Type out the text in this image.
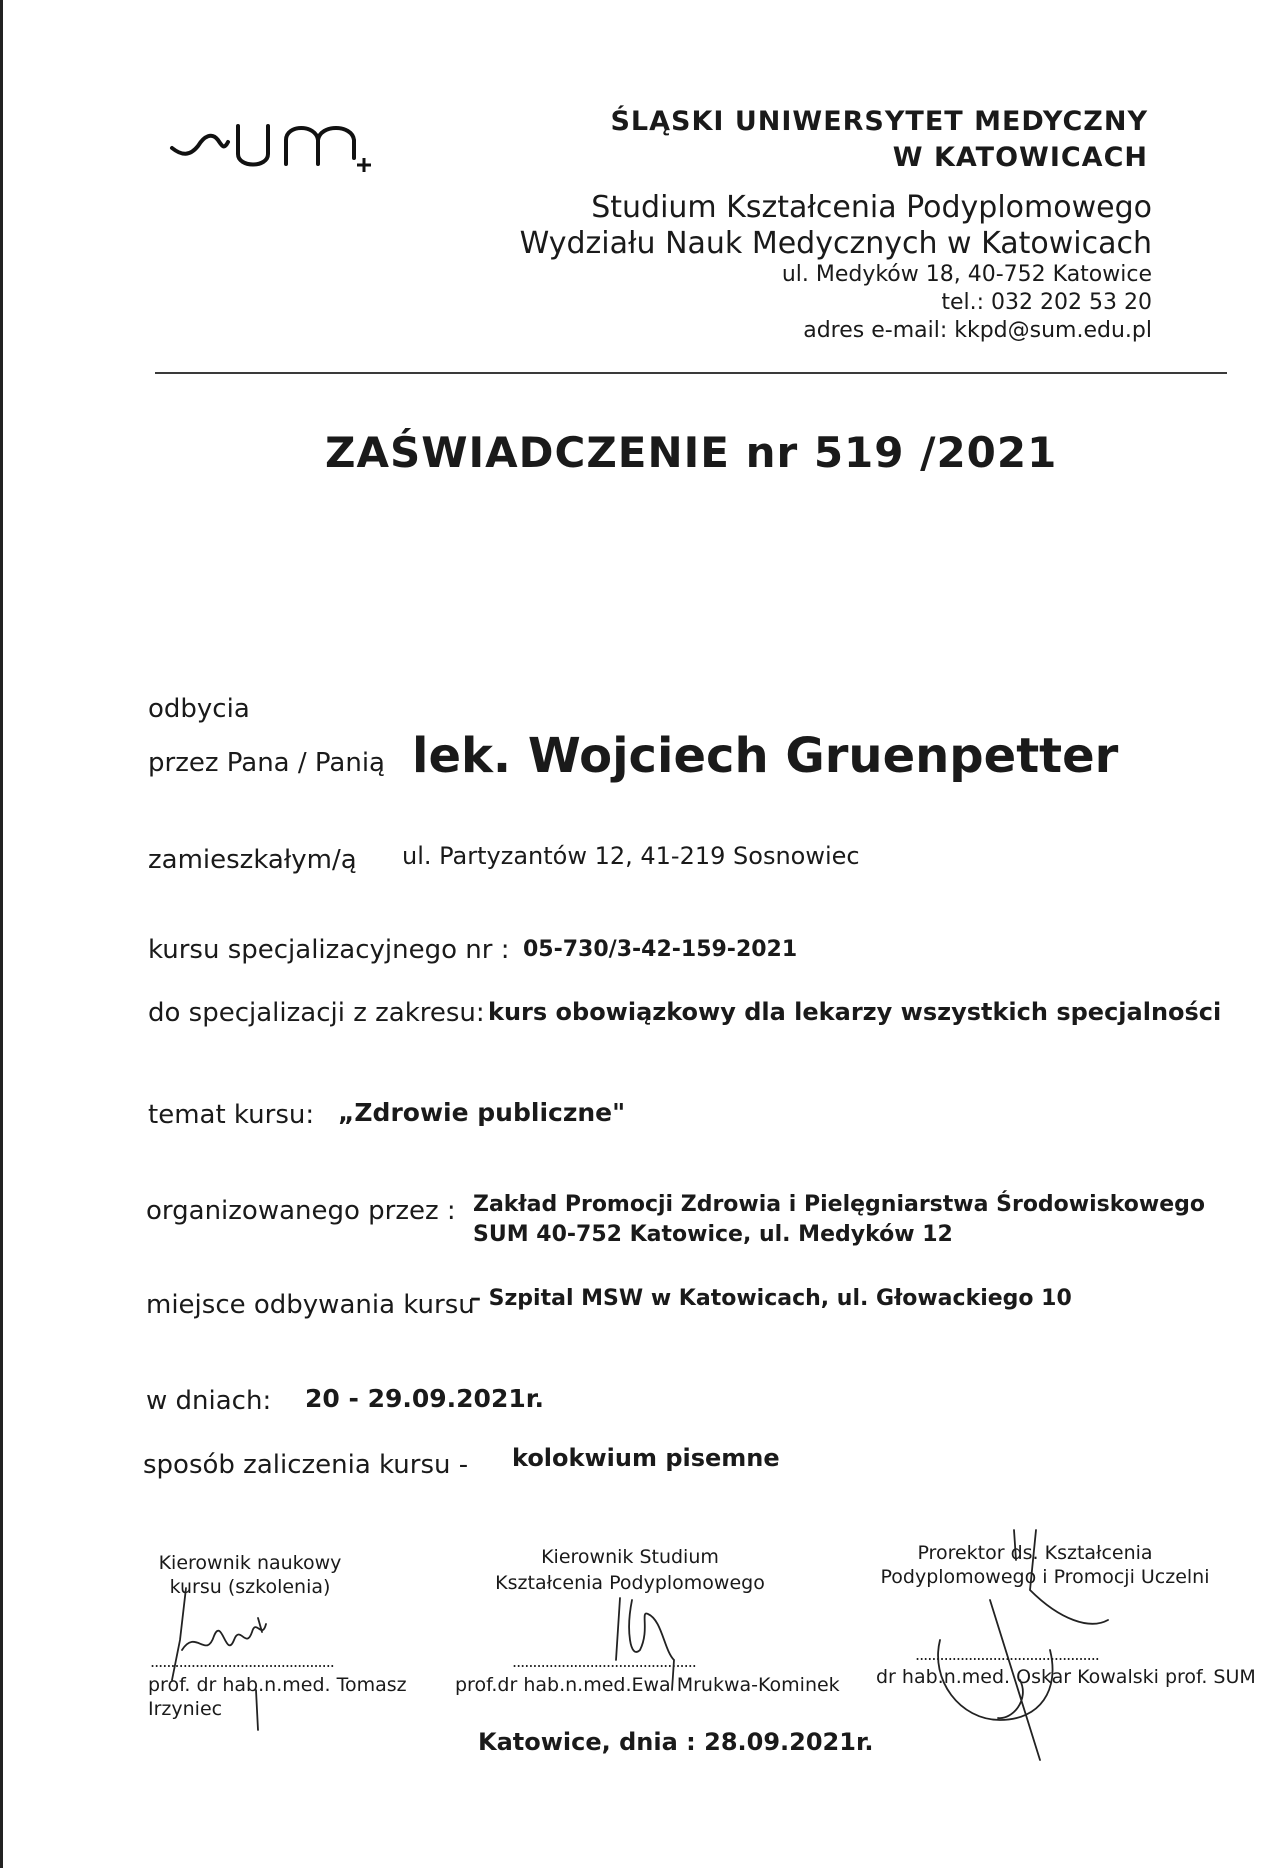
ŚLĄSKI UNIWERSYTET MEDYCZNY
W KATOWICACH
Studium Kształcenia Podyplomowego
Wydziału Nauk Medycznych w Katowicach
ul. Medyków 18, 40-752 Katowice
tel.: 032 202 53 20
adres e-mail: kkpd@sum.edu.pl
ZAŚWIADCZENIE nr 519 /2021
odbycia
przez Pana / Panią lek. Wojciech Gruenpetter
zamieszkałym/ą ul. Partyzantów 12, 41-219 Sosnowiec
kursu specjalizacyjnego nr : 05-730/3-42-159-2021
do specjalizacji z zakresu: kurs obowiązkowy dla lekarzy wszystkich specjalności
temat kursu: „Zdrowie publiczne"
organizowanego przez : Zakład Promocji Zdrowia i Pielęgniarstwa Środowiskowego
SUM 40-752 Katowice, ul. Medyków 12
miejsce odbywania kursu
– Szpital MSW w Katowicach, ul. Głowackiego 10
w dniach: 20 - 29.09.2021r.
sposób zaliczenia kursu - kolokwium pisemne
Kierownik naukowy
kursu (szkolenia)
.............................................
prof. dr hab.n.med. Tomasz
Irzyniec
Kierownik Studium
Kształcenia Podyplomowego
.............................................
prof.dr hab.n.med.Ewa Mrukwa-Kominek
Prorektor ds. Kształcenia
Podyplomowego i Promocji Uczelni
.............................................
dr hab.n.med. Oskar Kowalski prof. SUM
Katowice, dnia : 28.09.2021r.
